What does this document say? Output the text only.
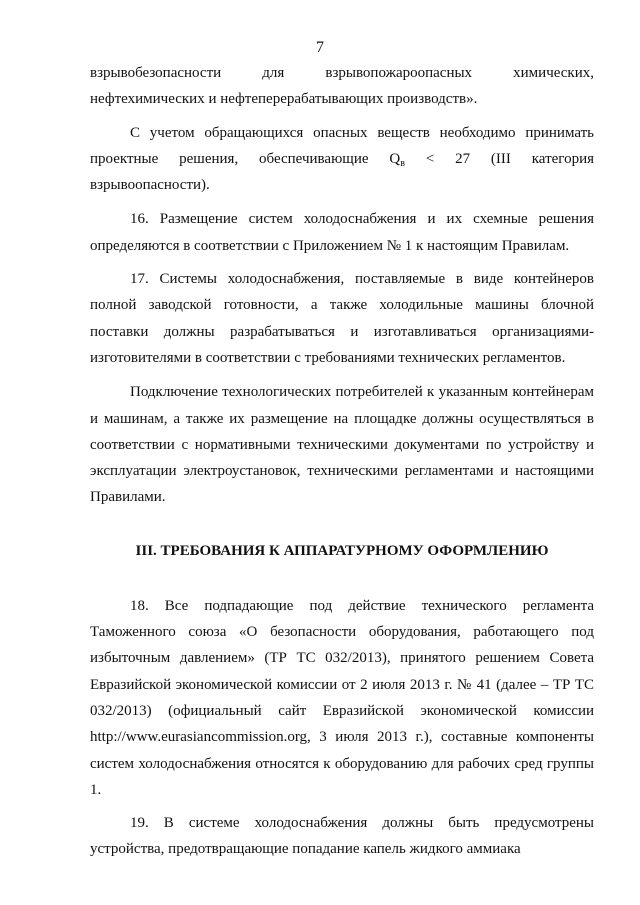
7

взрывобезопасности для взрывопожароопасных химических, нефтехимических и нефтеперерабатывающих производств».

С учетом обращающихся опасных веществ необходимо принимать проектные решения, обеспечивающие $Q_в < 27$ (III категория взрывоопасности).

16. Размещение систем холодоснабжения и их схемные решения определяются в соответствии с Приложением № 1 к настоящим Правилам.

17. Системы холодоснабжения, поставляемые в виде контейнеров полной заводской готовности, а также холодильные машины блочной поставки должны разрабатываться и изготавливаться организациями-изготовителями в соответствии с требованиями технических регламентов.

Подключение технологических потребителей к указанным контейнерам и машинам, а также их размещение на площадке должны осуществляться в соответствии с нормативными техническими документами по устройству и эксплуатации электроустановок, техническими регламентами и настоящими Правилами.

III. ТРЕБОВАНИЯ К АППАРАТУРНОМУ ОФОРМЛЕНИЮ

18. Все подпадающие под действие технического регламента Таможенного союза «О безопасности оборудования, работающего под избыточным давлением» (ТР ТС 032/2013), принятого решением Совета Евразийской экономической комиссии от 2 июля 2013 г. № 41 (далее – ТР ТС 032/2013) (официальный сайт Евразийской экономической комиссии http://www.eurasiancommission.org, 3 июля 2013 г.), составные компоненты систем холодоснабжения относятся к оборудованию для рабочих сред группы 1.

19. В системе холодоснабжения должны быть предусмотрены устройства, предотвращающие попадание капель жидкого аммиака
